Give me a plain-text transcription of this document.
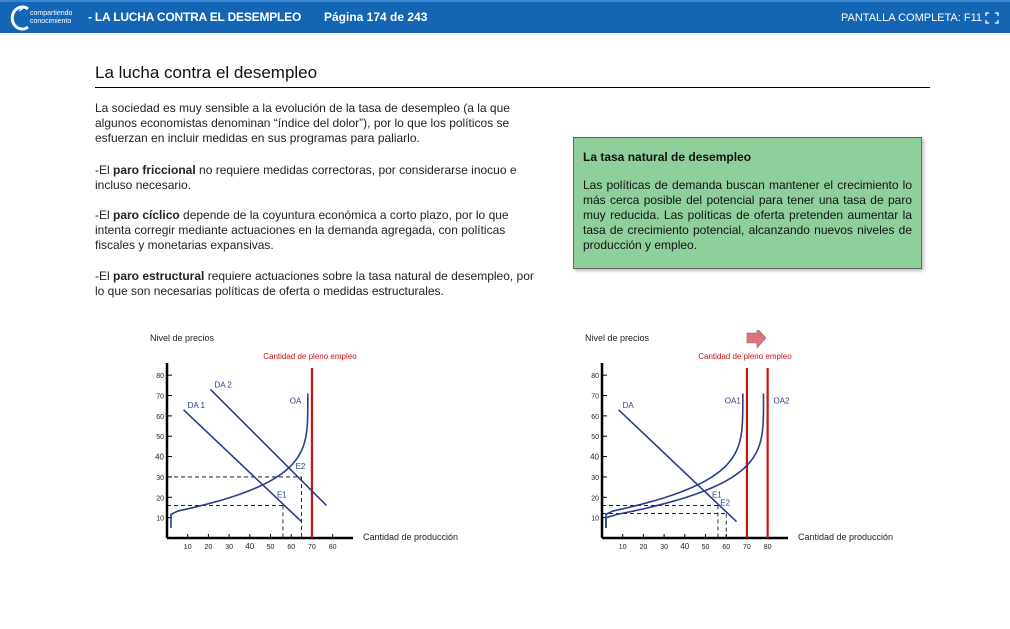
compartiendo
conocimiento - LA LUCHA CONTRA EL DESEMPLEO Página 174 de 243	PANTALLA COMPLETA: F11
La lucha contra el desempleo

La sociedad es muy sensible a la evolución de la tasa de desempleo (a la que algunos economistas denominan “índice del dolor”), por lo que los políticos se esfuerzan en incluir medidas en sus programas para paliarlo.

-El paro friccional no requiere medidas correctoras, por considerarse inocuo e incluso necesario.

-El paro cíclico depende de la coyuntura económica a corto plazo, por lo que intenta corregir mediante actuaciones en la demanda agregada, con políticas fiscales y monetarias expansivas.

-El paro estructural requiere actuaciones sobre la tasa natural de desempleo, por lo que son necesarias políticas de oferta o medidas estructurales.

La tasa natural de desempleo

Las políticas de demanda buscan mantener el crecimiento lo más cerca posible del potencial para tener una tasa de paro muy reducida. Las políticas de oferta pretenden aumentar la tasa de crecimiento potencial, alcanzando nuevos niveles de producción y empleo.

Nivel de precios
Cantidad de producción
10
20
30
40
50
60
70
80
10 20 30 40 50 60 70 80
Cantidad de pleno empleo
DA 1
DA 2
OA
E1
E2
Nivel de precios
Cantidad de producción
10
20
30
40
50
60
70
80
10 20 30 40 50 60 70 80
Cantidad de pleno empleo
DA	OA1	OA2
E1
E2
